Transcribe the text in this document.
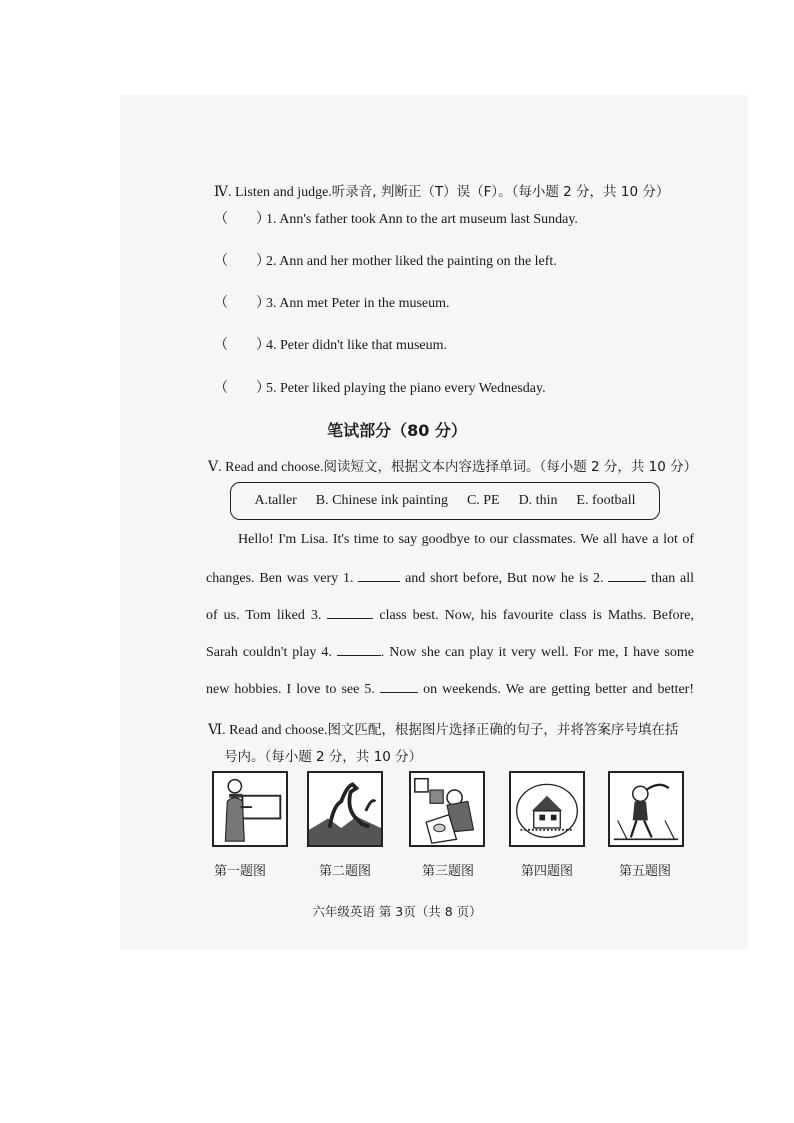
Ⅳ. Listen and judge.听录音, 判断正（T）误（F）。（每小题 2 分，共 10 分）
（　　）1. Ann's father took Ann to the art museum last Sunday.
（　　）2. Ann and her mother liked the painting on the left.
（　　）3. Ann met Peter in the museum.
（　　）4. Peter didn't like that museum.
（　　）5. Peter liked playing the piano every Wednesday.
笔试部分（80 分）
Ⅴ. Read and choose.阅读短文，根据文本内容选择单词。（每小题 2 分，共 10 分）
A.taller B. Chinese ink painting C. PE D. thin E. football
Hello! I'm Lisa. It's time to say goodbye to our classmates. We all have a lot of
changes. Ben was very 1.	and short before, But now he is 2.	than all
of us. Tom liked 3.	class best. Now, his favourite class is Maths. Before,
Sarah couldn't play 4.	. Now she can play it very well. For me, I have some
new hobbies. I love to see 5.	on weekends. We are getting better and better!
Ⅵ. Read and choose.图文匹配，根据图片选择正确的句子，并将答案序号填在括
号内。（每小题 2 分，共 10 分）
第一题图	第二题图	第三题图	第四题图	第五题图
六年级英语 第 3页（共 8 页）
